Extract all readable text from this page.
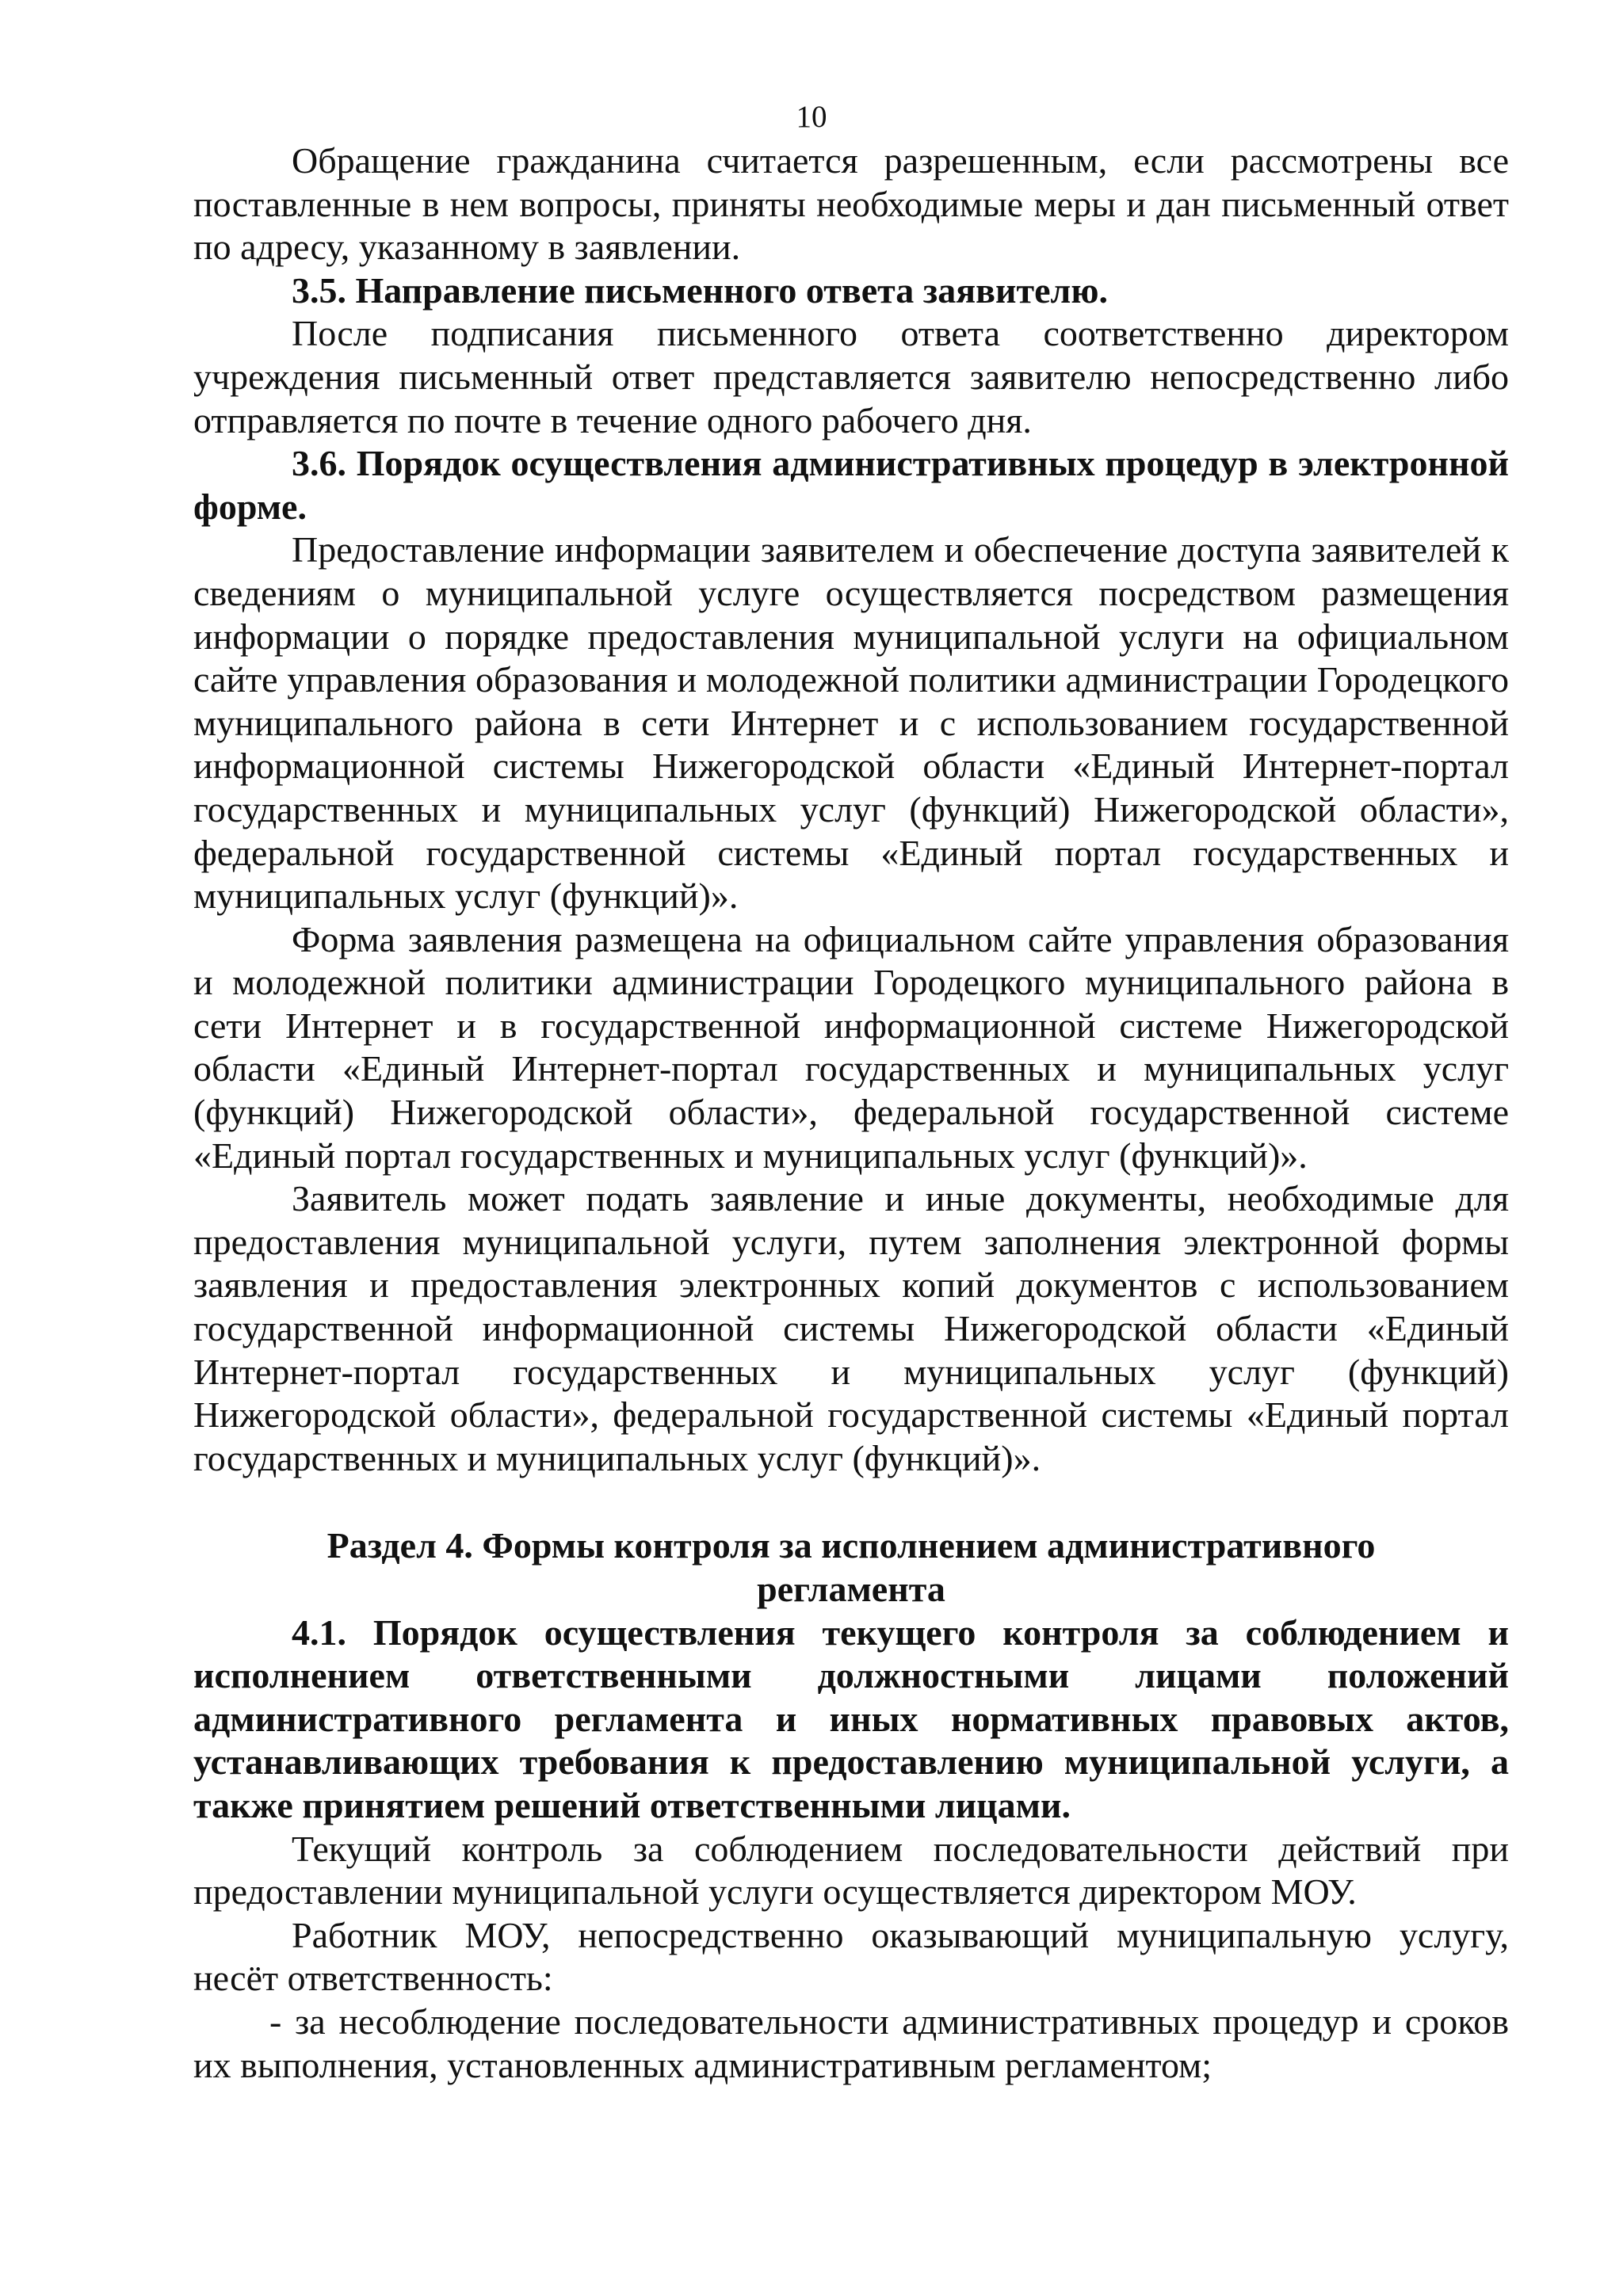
10

Обращение гражданина считается разрешенным, если рассмотрены все поставленные в нем вопросы, приняты необходимые меры и дан письменный ответ по адресу, указанному в заявлении.

3.5. Направление письменного ответа заявителю.

После подписания письменного ответа соответственно директором учреждения письменный ответ представляется заявителю непосредственно либо отправляется по почте в течение одного рабочего дня.

3.6. Порядок осуществления административных процедур в электронной форме.

Предоставление информации заявителем и обеспечение доступа заявителей к сведениям о муниципальной услуге осуществляется посредством размещения информации о порядке предоставления муниципальной услуги на официальном сайте управления образования и молодежной политики администрации Городецкого муниципального района в сети Интернет и с использованием государственной информационной системы Нижегородской области «Единый Интернет-портал государственных и муниципальных услуг (функций) Нижегородской области», федеральной государственной системы «Единый портал государственных и муниципальных услуг (функций)».

Форма заявления размещена на официальном сайте управления образования и молодежной политики администрации Городецкого муниципального района в сети Интернет и в государственной информационной системе Нижегородской области «Единый Интернет-портал государственных и муниципальных услуг (функций) Нижегородской области», федеральной государственной системе «Единый портал государственных и муниципальных услуг (функций)».

Заявитель может подать заявление и иные документы, необходимые для предоставления муниципальной услуги, путем заполнения электронной формы заявления и предоставления электронных копий документов с использованием государственной информационной системы Нижегородской области «Единый Интернет-портал государственных и муниципальных услуг (функций) Нижегородской области», федеральной государственной системы «Единый портал государственных и муниципальных услуг (функций)».

Раздел 4. Формы контроля за исполнением административного регламента

4.1. Порядок осуществления текущего контроля за соблюдением и исполнением ответственными должностными лицами положений административного регламента и иных нормативных правовых актов, устанавливающих требования к предоставлению муниципальной услуги, а также принятием решений ответственными лицами.

Текущий контроль за соблюдением последовательности действий при предоставлении муниципальной услуги осуществляется директором МОУ.

Работник МОУ, непосредственно оказывающий муниципальную услугу, несёт ответственность:

- за несоблюдение последовательности административных процедур и сроков их выполнения, установленных административным регламентом;
